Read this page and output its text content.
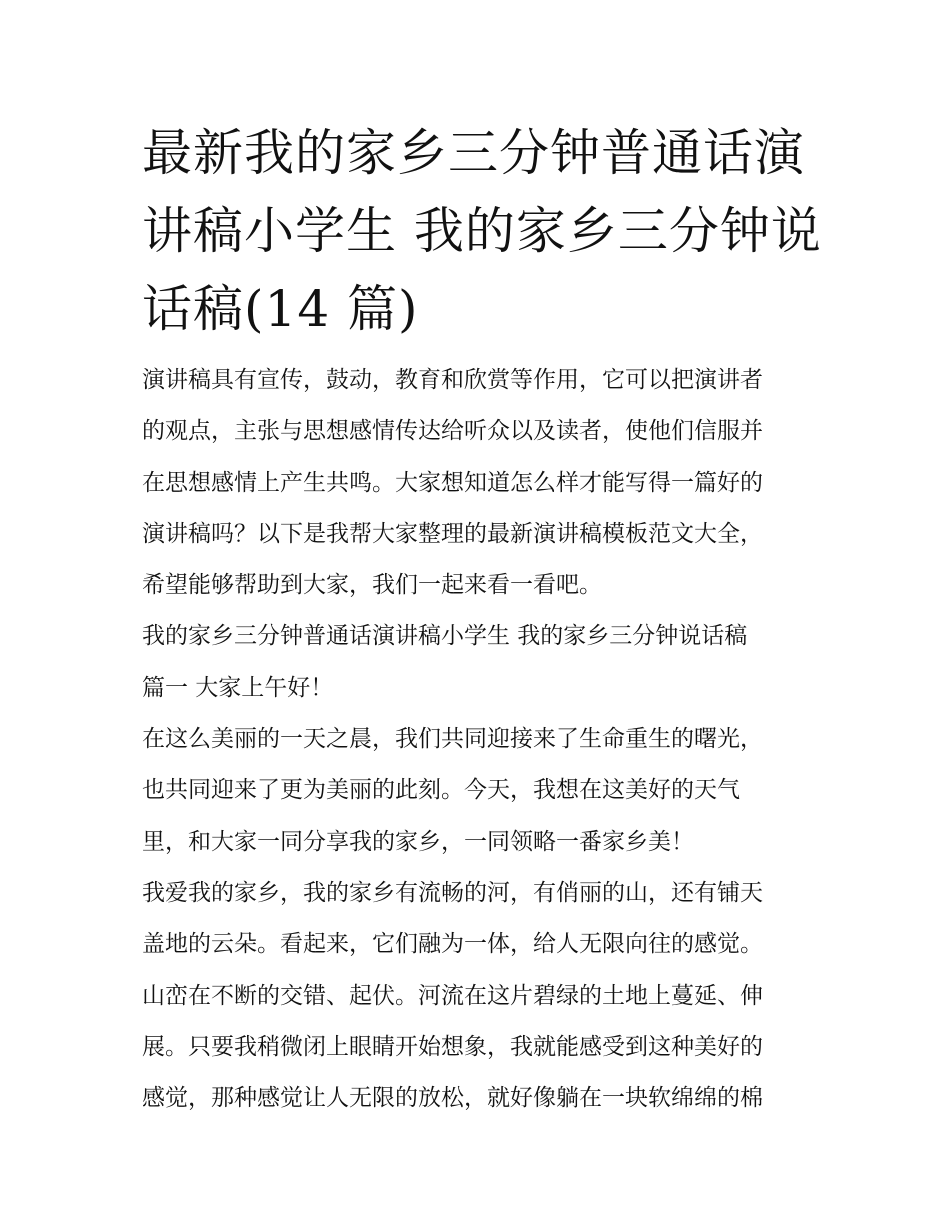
最新我的家乡三分钟普通话演
讲稿小学生 我的家乡三分钟说
话稿(14 篇)
演讲稿具有宣传，鼓动，教育和欣赏等作用，它可以把演讲者
的观点，主张与思想感情传达给听众以及读者，使他们信服并
在思想感情上产生共鸣。大家想知道怎么样才能写得一篇好的
演讲稿吗？以下是我帮大家整理的最新演讲稿模板范文大全，
希望能够帮助到大家，我们一起来看一看吧。
我的家乡三分钟普通话演讲稿小学生 我的家乡三分钟说话稿
篇一 大家上午好！
在这么美丽的一天之晨，我们共同迎接来了生命重生的曙光，
也共同迎来了更为美丽的此刻。今天，我想在这美好的天气
里，和大家一同分享我的家乡，一同领略一番家乡美！
我爱我的家乡，我的家乡有流畅的河，有俏丽的山，还有铺天
盖地的云朵。看起来，它们融为一体，给人无限向往的感觉。
山峦在不断的交错、起伏。河流在这片碧绿的土地上蔓延、伸
展。只要我稍微闭上眼睛开始想象，我就能感受到这种美好的
感觉，那种感觉让人无限的放松，就好像躺在一块软绵绵的棉
